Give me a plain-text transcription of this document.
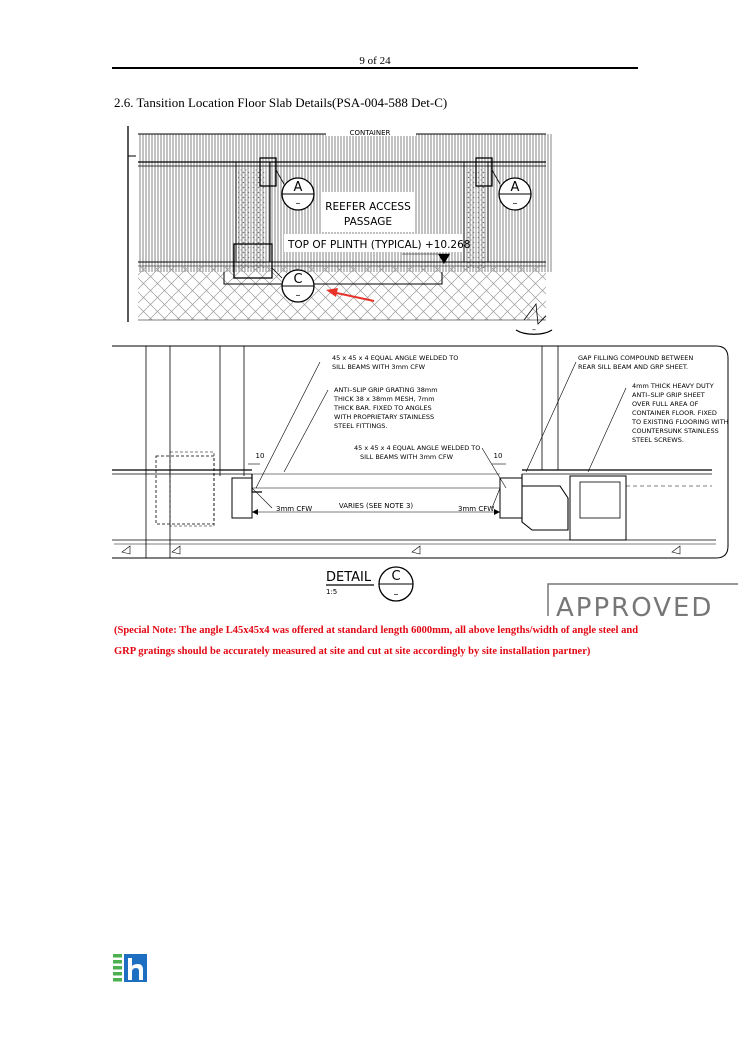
9 of 24
2.6. Tansition Location Floor Slab Details(PSA-004-588 Det-C)
A
–
A
–
C
–
REEFER ACCESS
PASSAGE
TOP OF PLINTH (TYPICAL) +10.268
CONTAINER
–
VARIES (SEE NOTE 3)
10	10
3mm CFW	3mm CFW
45 x 45 x 4 EQUAL ANGLE WELDED TO
SILL BEAMS WITH 3mm CFW
ANTI–SLIP GRIP GRATING 38mm
THICK 38 x 38mm MESH, 7mm
THICK BAR. FIXED TO ANGLES
WITH PROPRIETARY STAINLESS
STEEL FITTINGS.
45 x 45 x 4 EQUAL ANGLE WELDED TO
SILL BEAMS WITH 3mm CFW
GAP FILLING COMPOUND BETWEEN
REAR SILL BEAM AND GRP SHEET.
4mm THICK HEAVY DUTY
ANTI–SLIP GRIP SHEET
OVER FULL AREA OF
CONTAINER FLOOR. FIXED
TO EXISTING FLOORING WITH
COUNTERSUNK STAINLESS
STEEL SCREWS.
DETAIL
1:5
C
–	APPROVED
(Special Note: The angle L45x45x4 was offered at standard length 6000mm, all above lengths/width of angle steel and GRP gratings should be accurately measured at site and cut at site accordingly by site installation partner)
